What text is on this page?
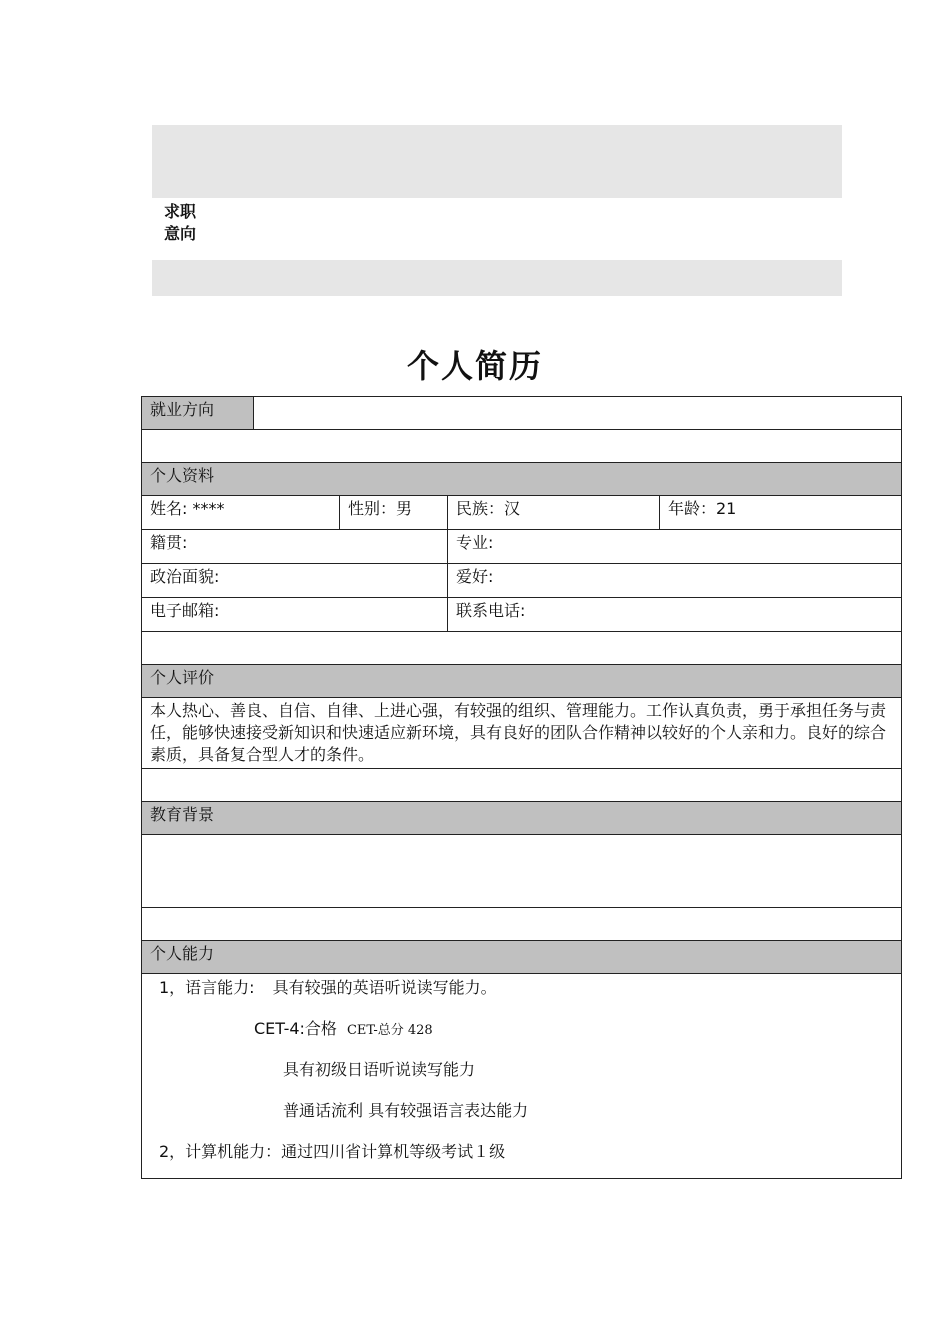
求职意向
个人简历
就业方向				

个人资料				
姓名: ****		性别：男	民族：汉	年龄：21
籍贯:			专业:	
政治面貌:			爱好:	
电子邮箱:			联系电话:	

个人评价				
本人热心、善良、自信、自律、上进心强，有较强的组织、管理能力。工作认真负责，勇于承担任务与责任，能够快速接受新知识和快速适应新环境，具有良好的团队合作精神以较好的个人亲和力。良好的综合素质，具备复合型人才的条件。				

教育背景				

个人能力				

1，语言能力: 具有较强的英语听说读写能力。
CET-4:合格 CET-总分 428
具有初级日语听说读写能力
普通话流利 具有较强语言表达能力
2，计算机能力：通过四川省计算机等级考试１级				
